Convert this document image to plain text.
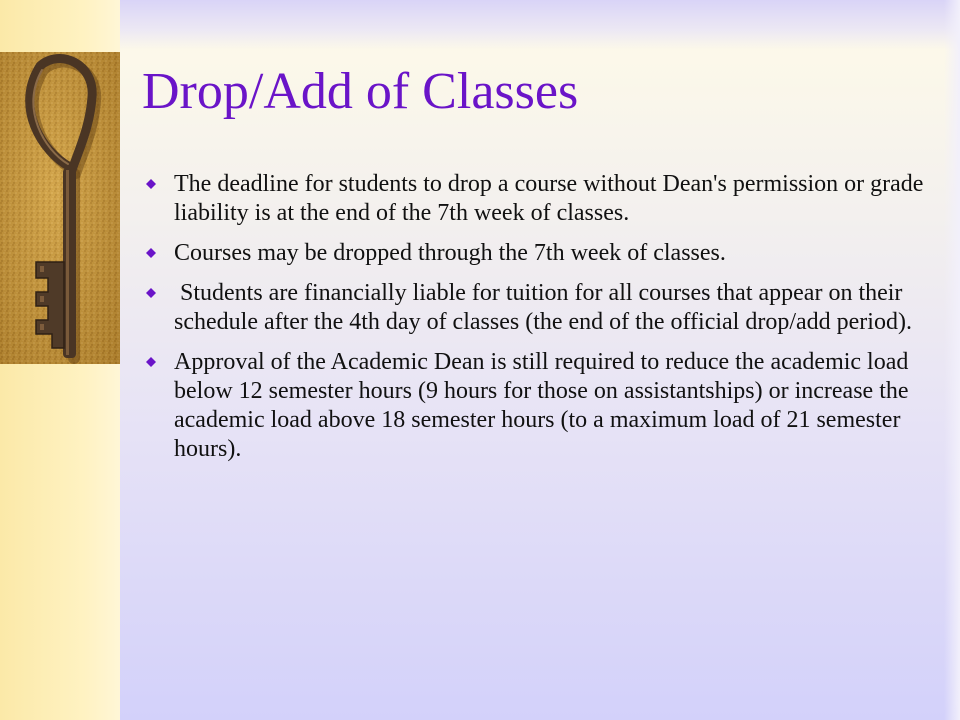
Drop/Add of Classes
The deadline for students to drop a course without Dean's permission or grade liability is at the end of the 7th week of classes.
Courses may be dropped through the 7th week of classes.
Students are financially liable for tuition for all courses that appear on their schedule after the 4th day of classes (the end of the official drop/add period).
Approval of the Academic Dean is still required to reduce the academic load below 12 semester hours (9 hours for those on assistantships) or increase the academic load above 18 semester hours (to a maximum load of 21 semester hours).
